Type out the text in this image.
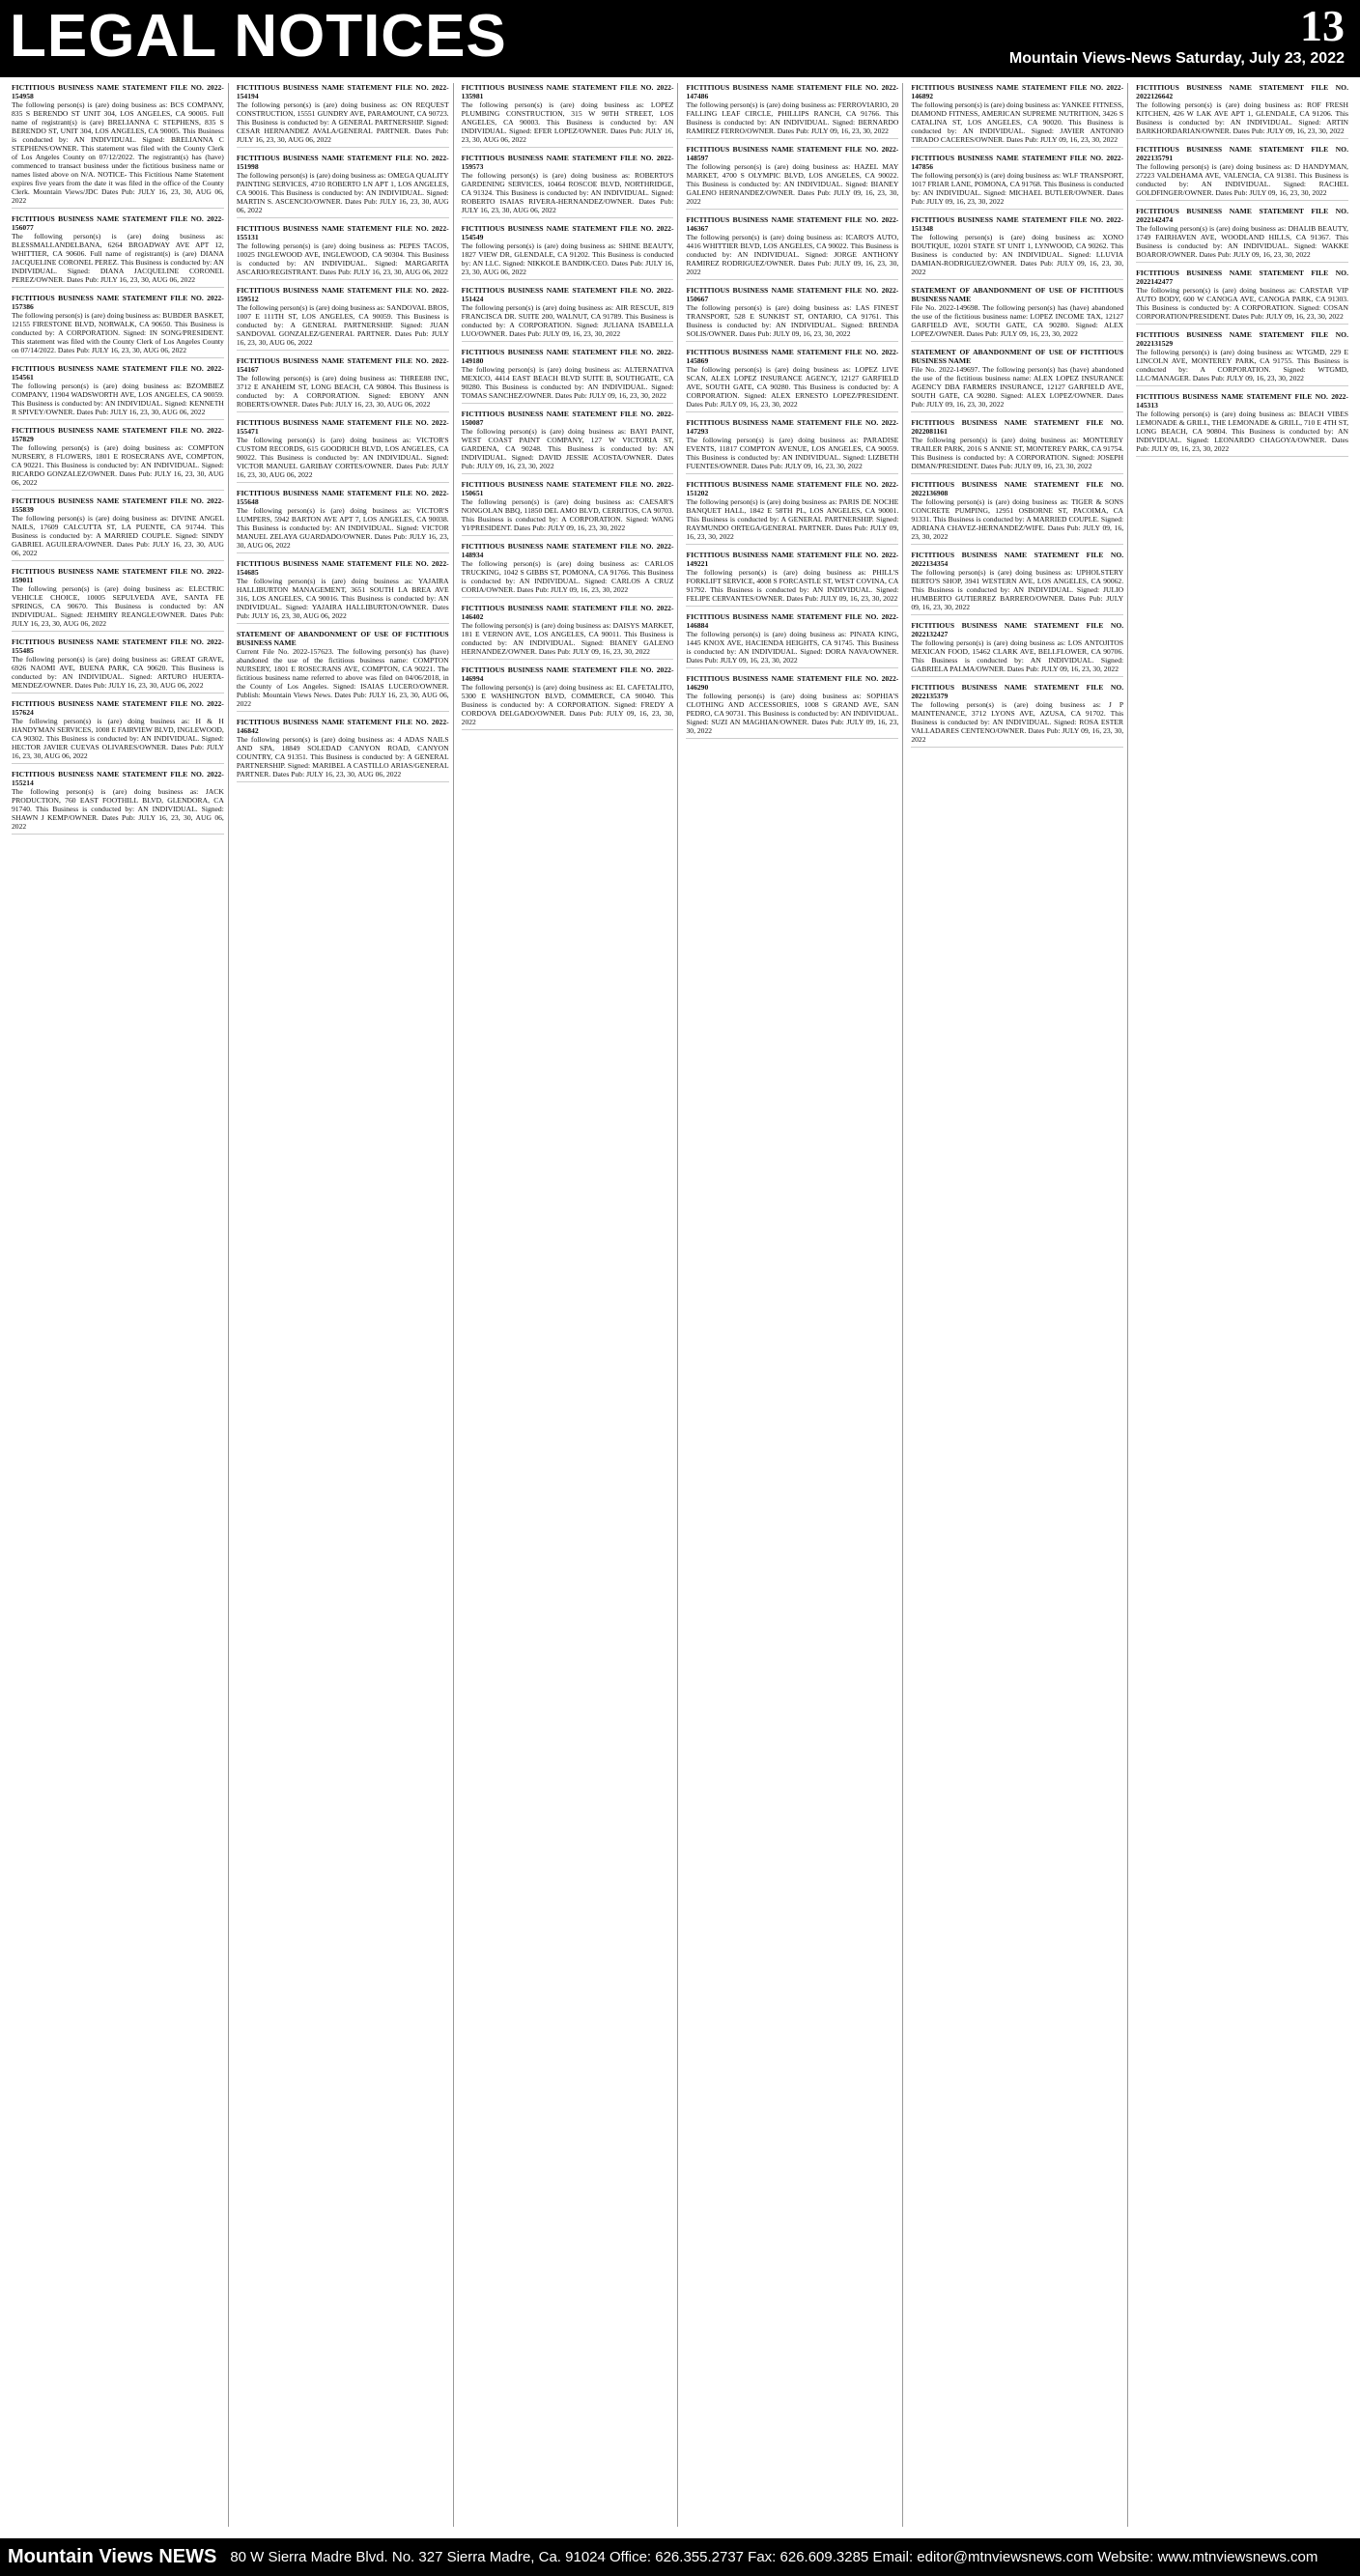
LEGAL NOTICES	13
Mountain Views-News Saturday, July 23, 2022
FICTITIOUS BUSINESS NAME STATEMENT FILE NO. 2022-154958
The following person(s) is (are) doing business as: BCS COMPANY, 835 S BERENDO ST UNIT 304, LOS ANGELES, CA 90005. Full name of registrant(s) is (are) BRELIANNA C STEPHENS, 835 S BERENDO ST, UNIT 304, LOS ANGELES, CA 90005. This Business is conducted by: AN INDIVIDUAL. Signed: BRELIANNA C STEPHENS/OWNER. This statement was filed with the County Clerk of Los Angeles County on 07/12/2022. The registrant(s) has (have) commenced to transact business under the fictitious business name or names listed above on N/A. NOTICE- This Fictitious Name Statement expires five years from the date it was filed in the office of the County Clerk. Mountain Views/JDC Dates Pub: JULY 16, 23, 30, AUG 06, 2022
FICTITIOUS BUSINESS NAME STATEMENT FILE NO. 2022-156077
The following person(s) is (are) doing business as: BLESSMALLANDELBANA, 6264 BROADWAY AVE APT 12, WHITTIER, CA 90606. Full name of registrant(s) is (are) DIANA JACQUELINE CORONEL PEREZ. This Business is conducted by: AN INDIVIDUAL. Signed: DIANA JACQUELINE CORONEL PEREZ/OWNER. Dates Pub: JULY 16, 23, 30, AUG 06, 2022
FICTITIOUS BUSINESS NAME STATEMENT FILE NO. 2022-157386
The following person(s) is (are) doing business as: BUBDER BASKET, 12155 FIRESTONE BLVD, NORWALK, CA 90650. This Business is conducted by: A CORPORATION. Signed: IN SONG/PRESIDENT. This statement was filed with the County Clerk of Los Angeles County on 07/14/2022. Dates Pub: JULY 16, 23, 30, AUG 06, 2022
FICTITIOUS BUSINESS NAME STATEMENT FILE NO. 2022-154561
The following person(s) is (are) doing business as: BZOMBIEZ COMPANY, 11904 WADSWORTH AVE, LOS ANGELES, CA 90059. This Business is conducted by: AN INDIVIDUAL. Signed: KENNETH R SPIVEY/OWNER. Dates Pub: JULY 16, 23, 30, AUG 06, 2022
FICTITIOUS BUSINESS NAME STATEMENT FILE NO. 2022-157829
The following person(s) is (are) doing business as: COMPTON NURSERY, 8 FLOWERS, 1801 E ROSECRANS AVE, COMPTON, CA 90221. This Business is conducted by: AN INDIVIDUAL. Signed: RICARDO GONZALEZ/OWNER. Dates Pub: JULY 16, 23, 30, AUG 06, 2022
FICTITIOUS BUSINESS NAME STATEMENT FILE NO. 2022-155839
The following person(s) is (are) doing business as: DIVINE ANGEL NAILS, 17609 CALCUTTA ST, LA PUENTE, CA 91744. This Business is conducted by: A MARRIED COUPLE. Signed: SINDY GABRIEL AGUILERA/OWNER. Dates Pub: JULY 16, 23, 30, AUG 06, 2022
FICTITIOUS BUSINESS NAME STATEMENT FILE NO. 2022-159011
The following person(s) is (are) doing business as: ELECTRIC VEHICLE CHOICE, 10005 SEPULVEDA AVE, SANTA FE SPRINGS, CA 90670. This Business is conducted by: AN INDIVIDUAL. Signed: JEHMIRY REANGLE/OWNER. Dates Pub: JULY 16, 23, 30, AUG 06, 2022
FICTITIOUS BUSINESS NAME STATEMENT FILE NO. 2022-155485
The following person(s) is (are) doing business as: GREAT GRAVE, 6926 NAOMI AVE, BUENA PARK, CA 90620. This Business is conducted by: AN INDIVIDUAL. Signed: ARTURO HUERTA-MENDEZ/OWNER. Dates Pub: JULY 16, 23, 30, AUG 06, 2022
FICTITIOUS BUSINESS NAME STATEMENT FILE NO. 2022-157624
The following person(s) is (are) doing business as: H & H HANDYMAN SERVICES, 1008 E FAIRVIEW BLVD, INGLEWOOD, CA 90302. This Business is conducted by: AN INDIVIDUAL. Signed: HECTOR JAVIER CUEVAS OLIVARES/OWNER. Dates Pub: JULY 16, 23, 30, AUG 06, 2022
FICTITIOUS BUSINESS NAME STATEMENT FILE NO. 2022-155214
The following person(s) is (are) doing business as: JACK PRODUCTION, 760 EAST FOOTHILL BLVD, GLENDORA, CA 91740. This Business is conducted by: AN INDIVIDUAL. Signed: SHAWN J KEMP/OWNER. Dates Pub: JULY 16, 23, 30, AUG 06, 2022
FICTITIOUS BUSINESS NAME STATEMENT FILE NO. 2022-154194
The following person(s) is (are) doing business as: ON REQUEST CONSTRUCTION, 15551 GUNDRY AVE, PARAMOUNT, CA 90723. This Business is conducted by: A GENERAL PARTNERSHIP. Signed: CESAR HERNANDEZ AVALA/GENERAL PARTNER. Dates Pub: JULY 16, 23, 30, AUG 06, 2022
FICTITIOUS BUSINESS NAME STATEMENT FILE NO. 2022-151998
The following person(s) is (are) doing business as: OMEGA QUALITY PAINTING SERVICES, 4710 ROBERTO LN APT 1, LOS ANGELES, CA 90016. This Business is conducted by: AN INDIVIDUAL. Signed: MARTIN S. ASCENCIO/OWNER. Dates Pub: JULY 16, 23, 30, AUG 06, 2022
FICTITIOUS BUSINESS NAME STATEMENT FILE NO. 2022-155131
The following person(s) is (are) doing business as: PEPES TACOS, 10025 INGLEWOOD AVE, INGLEWOOD, CA 90304. This Business is conducted by: AN INDIVIDUAL. Signed: MARGARITA ASCARIO/REGISTRANT. Dates Pub: JULY 16, 23, 30, AUG 06, 2022
FICTITIOUS BUSINESS NAME STATEMENT FILE NO. 2022-159512
The following person(s) is (are) doing business as: SANDOVAL BROS, 1007 E 111TH ST, LOS ANGELES, CA 90059. This Business is conducted by: A GENERAL PARTNERSHIP. Signed: JUAN SANDOVAL GONZALEZ/GENERAL PARTNER. Dates Pub: JULY 16, 23, 30, AUG 06, 2022
FICTITIOUS BUSINESS NAME STATEMENT FILE NO. 2022-154167
The following person(s) is (are) doing business as: THREE88 INC, 3712 E ANAHEIM ST, LONG BEACH, CA 90804. This Business is conducted by: A CORPORATION. Signed: EBONY ANN ROBERTS/OWNER. Dates Pub: JULY 16, 23, 30, AUG 06, 2022
FICTITIOUS BUSINESS NAME STATEMENT FILE NO. 2022-155471
The following person(s) is (are) doing business as: VICTOR'S CUSTOM RECORDS, 615 GOODRICH BLVD, LOS ANGELES, CA 90022. This Business is conducted by: AN INDIVIDUAL. Signed: VICTOR MANUEL GARIBAY CORTES/OWNER. Dates Pub: JULY 16, 23, 30, AUG 06, 2022
FICTITIOUS BUSINESS NAME STATEMENT FILE NO. 2022-155648
The following person(s) is (are) doing business as: VICTOR'S LUMPERS, 5942 BARTON AVE APT 7, LOS ANGELES, CA 90038. This Business is conducted by: AN INDIVIDUAL. Signed: VICTOR MANUEL ZELAYA GUARDADO/OWNER. Dates Pub: JULY 16, 23, 30, AUG 06, 2022
FICTITIOUS BUSINESS NAME STATEMENT FILE NO. 2022-154685
The following person(s) is (are) doing business as: YAJAIRA HALLIBURTON MANAGEMENT, 3651 SOUTH LA BREA AVE 316, LOS ANGELES, CA 90016. This Business is conducted by: AN INDIVIDUAL. Signed: YAJAIRA HALLIBURTON/OWNER. Dates Pub: JULY 16, 23, 30, AUG 06, 2022
STATEMENT OF ABANDONMENT OF USE OF FICTITIOUS BUSINESS NAME
Current File No. 2022-157623. The following person(s) has (have) abandoned the use of the fictitious business name: COMPTON NURSERY, 1801 E ROSECRANS AVE, COMPTON, CA 90221. The fictitious business name referred to above was filed on 04/06/2018, in the County of Los Angeles. Signed: ISAIAS LUCERO/OWNER. Publish: Mountain Views News. Dates Pub: JULY 16, 23, 30, AUG 06, 2022
FICTITIOUS BUSINESS NAME STATEMENT FILE NO. 2022-146842
The following person(s) is (are) doing business as: 4 ADAS NAILS AND SPA, 18849 SOLEDAD CANYON ROAD, CANYON COUNTRY, CA 91351. This Business is conducted by: A GENERAL PARTNERSHIP. Signed: MARIBEL A CASTILLO ARIAS/GENERAL PARTNER. Dates Pub: JULY 16, 23, 30, AUG 06, 2022
FICTITIOUS BUSINESS NAME STATEMENT FILE NO. 2022-135981
The following person(s) is (are) doing business as: LOPEZ PLUMBING CONSTRUCTION, 315 W 90TH STREET, LOS ANGELES, CA 90003. This Business is conducted by: AN INDIVIDUAL. Signed: EFER LOPEZ/OWNER. Dates Pub: JULY 16, 23, 30, AUG 06, 2022
FICTITIOUS BUSINESS NAME STATEMENT FILE NO. 2022-159573
The following person(s) is (are) doing business as: ROBERTO'S GARDENING SERVICES, 10464 ROSCOE BLVD, NORTHRIDGE, CA 91324. This Business is conducted by: AN INDIVIDUAL. Signed: ROBERTO ISAIAS RIVERA-HERNANDEZ/OWNER. Dates Pub: JULY 16, 23, 30, AUG 06, 2022
FICTITIOUS BUSINESS NAME STATEMENT FILE NO. 2022-154549
The following person(s) is (are) doing business as: SHINE BEAUTY, 1827 VIEW DR, GLENDALE, CA 91202. This Business is conducted by: AN LLC. Signed: NIKKOLE BANDIK/CEO. Dates Pub: JULY 16, 23, 30, AUG 06, 2022
FICTITIOUS BUSINESS NAME STATEMENT FILE NO. 2022-151424
The following person(s) is (are) doing business as: AIR RESCUE, 819 FRANCISCA DR. SUITE 200, WALNUT, CA 91789. This Business is conducted by: A CORPORATION. Signed: JULIANA ISABELLA LUO/OWNER. Dates Pub: JULY 09, 16, 23, 30, 2022
FICTITIOUS BUSINESS NAME STATEMENT FILE NO. 2022-149180
The following person(s) is (are) doing business as: ALTERNATIVA MEXICO, 4414 EAST BEACH BLVD SUITE B, SOUTHGATE, CA 90280. This Business is conducted by: AN INDIVIDUAL. Signed: TOMAS SANCHEZ/OWNER. Dates Pub: JULY 09, 16, 23, 30, 2022
FICTITIOUS BUSINESS NAME STATEMENT FILE NO. 2022-150087
The following person(s) is (are) doing business as: BAYI PAINT, WEST COAST PAINT COMPANY, 127 W VICTORIA ST, GARDENA, CA 90248. This Business is conducted by: AN INDIVIDUAL. Signed: DAVID JESSIE ACOSTA/OWNER. Dates Pub: JULY 09, 16, 23, 30, 2022
FICTITIOUS BUSINESS NAME STATEMENT FILE NO. 2022-150651
The following person(s) is (are) doing business as: CAESAR'S NONGOLAN BBQ, 11850 DEL AMO BLVD, CERRITOS, CA 90703. This Business is conducted by: A CORPORATION. Signed: WANG YI/PRESIDENT. Dates Pub: JULY 09, 16, 23, 30, 2022
FICTITIOUS BUSINESS NAME STATEMENT FILE NO. 2022-148934
The following person(s) is (are) doing business as: CARLOS TRUCKING, 1042 S GIBBS ST, POMONA, CA 91766. This Business is conducted by: AN INDIVIDUAL. Signed: CARLOS A CRUZ CORIA/OWNER. Dates Pub: JULY 09, 16, 23, 30, 2022
FICTITIOUS BUSINESS NAME STATEMENT FILE NO. 2022-146402
The following person(s) is (are) doing business as: DAISYS MARKET, 181 E VERNON AVE, LOS ANGELES, CA 90011. This Business is conducted by: AN INDIVIDUAL. Signed: BIANEY GALENO HERNANDEZ/OWNER. Dates Pub: JULY 09, 16, 23, 30, 2022
FICTITIOUS BUSINESS NAME STATEMENT FILE NO. 2022-146994
The following person(s) is (are) doing business as: EL CAFETALITO, 5300 E WASHINGTON BLVD, COMMERCE, CA 90040. This Business is conducted by: A CORPORATION. Signed: FREDY A CORDOVA DELGADO/OWNER. Dates Pub: JULY 09, 16, 23, 30, 2022
FICTITIOUS BUSINESS NAME STATEMENT FILE NO. 2022-147486
The following person(s) is (are) doing business as: FERROVIARIO, 20 FALLING LEAF CIRCLE, PHILLIPS RANCH, CA 91766. This Business is conducted by: AN INDIVIDUAL. Signed: BERNARDO RAMIREZ FERRO/OWNER. Dates Pub: JULY 09, 16, 23, 30, 2022
FICTITIOUS BUSINESS NAME STATEMENT FILE NO. 2022-148597
The following person(s) is (are) doing business as: HAZEL MAY MARKET, 4700 S OLYMPIC BLVD, LOS ANGELES, CA 90022. This Business is conducted by: AN INDIVIDUAL. Signed: BIANEY GALENO HERNANDEZ/OWNER. Dates Pub: JULY 09, 16, 23, 30, 2022
FICTITIOUS BUSINESS NAME STATEMENT FILE NO. 2022-146367
The following person(s) is (are) doing business as: ICARO'S AUTO, 4416 WHITTIER BLVD, LOS ANGELES, CA 90022. This Business is conducted by: AN INDIVIDUAL. Signed: JORGE ANTHONY RAMIREZ RODRIGUEZ/OWNER. Dates Pub: JULY 09, 16, 23, 30, 2022
FICTITIOUS BUSINESS NAME STATEMENT FILE NO. 2022-150667
The following person(s) is (are) doing business as: LAS FINEST TRANSPORT, 528 E SUNKIST ST, ONTARIO, CA 91761. This Business is conducted by: AN INDIVIDUAL. Signed: BRENDA SOLIS/OWNER. Dates Pub: JULY 09, 16, 23, 30, 2022
FICTITIOUS BUSINESS NAME STATEMENT FILE NO. 2022-145869
The following person(s) is (are) doing business as: LOPEZ LIVE SCAN, ALEX LOPEZ INSURANCE AGENCY, 12127 GARFIELD AVE, SOUTH GATE, CA 90280. This Business is conducted by: A CORPORATION. Signed: ALEX ERNESTO LOPEZ/PRESIDENT. Dates Pub: JULY 09, 16, 23, 30, 2022
FICTITIOUS BUSINESS NAME STATEMENT FILE NO. 2022-147293
The following person(s) is (are) doing business as: PARADISE EVENTS, 11817 COMPTON AVENUE, LOS ANGELES, CA 90059. This Business is conducted by: AN INDIVIDUAL. Signed: LIZBETH FUENTES/OWNER. Dates Pub: JULY 09, 16, 23, 30, 2022
FICTITIOUS BUSINESS NAME STATEMENT FILE NO. 2022-151202
The following person(s) is (are) doing business as: PARIS DE NOCHE BANQUET HALL, 1842 E 58TH PL, LOS ANGELES, CA 90001. This Business is conducted by: A GENERAL PARTNERSHIP. Signed: RAYMUNDO ORTEGA/GENERAL PARTNER. Dates Pub: JULY 09, 16, 23, 30, 2022
FICTITIOUS BUSINESS NAME STATEMENT FILE NO. 2022-149221
The following person(s) is (are) doing business as: PHILL'S FORKLIFT SERVICE, 4008 S FORCASTLE ST, WEST COVINA, CA 91792. This Business is conducted by: AN INDIVIDUAL. Signed: FELIPE CERVANTES/OWNER. Dates Pub: JULY 09, 16, 23, 30, 2022
FICTITIOUS BUSINESS NAME STATEMENT FILE NO. 2022-146884
The following person(s) is (are) doing business as: PINATA KING, 1445 KNOX AVE, HACIENDA HEIGHTS, CA 91745. This Business is conducted by: AN INDIVIDUAL. Signed: DORA NAVA/OWNER. Dates Pub: JULY 09, 16, 23, 30, 2022
FICTITIOUS BUSINESS NAME STATEMENT FILE NO. 2022-146290
The following person(s) is (are) doing business as: SOPHIA'S CLOTHING AND ACCESSORIES, 1008 S GRAND AVE, SAN PEDRO, CA 90731. This Business is conducted by: AN INDIVIDUAL. Signed: SUZI AN MAGHIAN/OWNER. Dates Pub: JULY 09, 16, 23, 30, 2022
FICTITIOUS BUSINESS NAME STATEMENT FILE NO. 2022-146892
The following person(s) is (are) doing business as: YANKEE FITNESS, DIAMOND FITNESS, AMERICAN SUPREME NUTRITION, 3426 S CATALINA ST, LOS ANGELES, CA 90020. This Business is conducted by: AN INDIVIDUAL. Signed: JAVIER ANTONIO TIRADO CACERES/OWNER. Dates Pub: JULY 09, 16, 23, 30, 2022
FICTITIOUS BUSINESS NAME STATEMENT FILE NO. 2022-147856
The following person(s) is (are) doing business as: WLF TRANSPORT, 1017 FRIAR LANE, POMONA, CA 91768. This Business is conducted by: AN INDIVIDUAL. Signed: MICHAEL BUTLER/OWNER. Dates Pub: JULY 09, 16, 23, 30, 2022
FICTITIOUS BUSINESS NAME STATEMENT FILE NO. 2022-151348
The following person(s) is (are) doing business as: XONO BOUTIQUE, 10201 STATE ST UNIT 1, LYNWOOD, CA 90262. This Business is conducted by: AN INDIVIDUAL. Signed: LLUVIA DAMIAN-RODRIGUEZ/OWNER. Dates Pub: JULY 09, 16, 23, 30, 2022
STATEMENT OF ABANDONMENT OF USE OF FICTITIOUS BUSINESS NAME
File No. 2022-149698. The following person(s) has (have) abandoned the use of the fictitious business name: LOPEZ INCOME TAX, 12127 GARFIELD AVE, SOUTH GATE, CA 90280. Signed: ALEX LOPEZ/OWNER. Dates Pub: JULY 09, 16, 23, 30, 2022
STATEMENT OF ABANDONMENT OF USE OF FICTITIOUS BUSINESS NAME
File No. 2022-149697. The following person(s) has (have) abandoned the use of the fictitious business name: ALEX LOPEZ INSURANCE AGENCY DBA FARMERS INSURANCE, 12127 GARFIELD AVE, SOUTH GATE, CA 90280. Signed: ALEX LOPEZ/OWNER. Dates Pub: JULY 09, 16, 23, 30, 2022
FICTITIOUS BUSINESS NAME STATEMENT FILE NO. 2022081161
The following person(s) is (are) doing business as: MONTEREY TRAILER PARK, 2016 S ANNIE ST, MONTEREY PARK, CA 91754. This Business is conducted by: A CORPORATION. Signed: JOSEPH DIMAN/PRESIDENT. Dates Pub: JULY 09, 16, 23, 30, 2022
FICTITIOUS BUSINESS NAME STATEMENT FILE NO. 2022136908
The following person(s) is (are) doing business as: TIGER & SONS CONCRETE PUMPING, 12951 OSBORNE ST, PACOIMA, CA 91331. This Business is conducted by: A MARRIED COUPLE. Signed: ADRIANA CHAVEZ-HERNANDEZ/WIFE. Dates Pub: JULY 09, 16, 23, 30, 2022
FICTITIOUS BUSINESS NAME STATEMENT FILE NO. 2022134354
The following person(s) is (are) doing business as: UPHOLSTERY BERTO'S SHOP, 3941 WESTERN AVE, LOS ANGELES, CA 90062. This Business is conducted by: AN INDIVIDUAL. Signed: JULIO HUMBERTO GUTIERREZ BARRERO/OWNER. Dates Pub: JULY 09, 16, 23, 30, 2022
FICTITIOUS BUSINESS NAME STATEMENT FILE NO. 2022132427
The following person(s) is (are) doing business as: LOS ANTOJITOS MEXICAN FOOD, 15462 CLARK AVE, BELLFLOWER, CA 90706. This Business is conducted by: AN INDIVIDUAL. Signed: GABRIELA PALMA/OWNER. Dates Pub: JULY 09, 16, 23, 30, 2022
FICTITIOUS BUSINESS NAME STATEMENT FILE NO. 2022135379
The following person(s) is (are) doing business as: J P MAINTENANCE, 3712 LYONS AVE, AZUSA, CA 91702. This Business is conducted by: AN INDIVIDUAL. Signed: ROSA ESTER VALLADARES CENTENO/OWNER. Dates Pub: JULY 09, 16, 23, 30, 2022
FICTITIOUS BUSINESS NAME STATEMENT FILE NO. 2022126642
The following person(s) is (are) doing business as: ROF FRESH KITCHEN, 426 W LAK AVE APT 1, GLENDALE, CA 91206. This Business is conducted by: AN INDIVIDUAL. Signed: ARTIN BARKHORDARIAN/OWNER. Dates Pub: JULY 09, 16, 23, 30, 2022
FICTITIOUS BUSINESS NAME STATEMENT FILE NO. 2022135791
The following person(s) is (are) doing business as: D HANDYMAN, 27223 VALDEHAMA AVE, VALENCIA, CA 91381. This Business is conducted by: AN INDIVIDUAL. Signed: RACHEL GOLDFINGER/OWNER. Dates Pub: JULY 09, 16, 23, 30, 2022
FICTITIOUS BUSINESS NAME STATEMENT FILE NO. 2022142474
The following person(s) is (are) doing business as: DHALIB BEAUTY, 1749 FAIRHAVEN AVE, WOODLAND HILLS, CA 91367. This Business is conducted by: AN INDIVIDUAL. Signed: WAKKE BOAROR/OWNER. Dates Pub: JULY 09, 16, 23, 30, 2022
FICTITIOUS BUSINESS NAME STATEMENT FILE NO. 2022142477
The following person(s) is (are) doing business as: CARSTAR VIP AUTO BODY, 600 W CANOGA AVE, CANOGA PARK, CA 91303. This Business is conducted by: A CORPORATION. Signed: COSAN CORPORATION/PRESIDENT. Dates Pub: JULY 09, 16, 23, 30, 2022
FICTITIOUS BUSINESS NAME STATEMENT FILE NO. 2022131529
The following person(s) is (are) doing business as: WTGMD, 229 E LINCOLN AVE, MONTEREY PARK, CA 91755. This Business is conducted by: A CORPORATION. Signed: WTGMD, LLC/MANAGER. Dates Pub: JULY 09, 16, 23, 30, 2022
FICTITIOUS BUSINESS NAME STATEMENT FILE NO. 2022-145313
The following person(s) is (are) doing business as: BEACH VIBES LEMONADE & GRILL, THE LEMONADE & GRILL, 710 E 4TH ST, LONG BEACH, CA 90804. This Business is conducted by: AN INDIVIDUAL. Signed: LEONARDO CHAGOYA/OWNER. Dates Pub: JULY 09, 16, 23, 30, 2022
Mountain Views NEWS 80 W Sierra Madre Blvd. No. 327 Sierra Madre, Ca. 91024 Office: 626.355.2737 Fax: 626.609.3285 Email: editor@mtnviewsnews.com Website: www.mtnviewsnews.com
